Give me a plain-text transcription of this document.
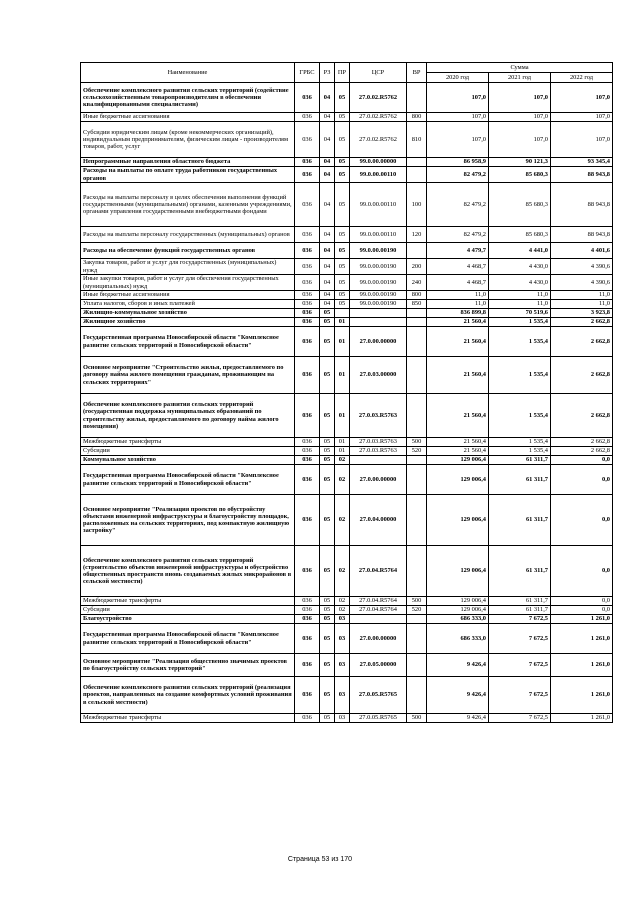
Наименование	ГРБС	РЗ	ПР	ЦСР	ВР	Сумма		
						2020 год	2021 год	2022 год
Обеспечение комплексного развития сельских территорий (содействие сельскохозяйственным товаропроизводителям в обеспечении квалифицированными специалистами)	036	04	05	27.0.02.R5762		107,0	107,0	107,0
Иные бюджетные ассигнования	036	04	05	27.0.02.R5762	800	107,0	107,0	107,0
Субсидии юридическим лицам (кроме некоммерческих организаций), индивидуальным предпринимателям, физическим лицам - производителям товаров, работ, услуг	036	04	05	27.0.02.R5762	810	107,0	107,0	107,0
Непрограммные направления областного бюджета	036	04	05	99.0.00.00000		86 958,9	90 121,3	93 345,4
Расходы на выплаты по оплате труда работников государственных органов	036	04	05	99.0.00.00110		82 479,2	85 680,3	88 943,8
Расходы на выплаты персоналу в целях обеспечения выполнения функций государственными (муниципальными) органами, казенными учреждениями, органами управления государственными внебюджетными фондами	036	04	05	99.0.00.00110	100	82 479,2	85 680,3	88 943,8
Расходы на выплаты персоналу государственных (муниципальных) органов	036	04	05	99.0.00.00110	120	82 479,2	85 680,3	88 943,8
Расходы на обеспечение функций государственных органов	036	04	05	99.0.00.00190		4 479,7	4 441,0	4 401,6
Закупка товаров, работ и услуг для государственных (муниципальных) нужд	036	04	05	99.0.00.00190	200	4 468,7	4 430,0	4 390,6
Иные закупки товаров, работ и услуг для обеспечения государственных (муниципальных) нужд	036	04	05	99.0.00.00190	240	4 468,7	4 430,0	4 390,6
Иные бюджетные ассигнования	036	04	05	99.0.00.00190	800	11,0	11,0	11,0
Уплата налогов, сборов и иных платежей	036	04	05	99.0.00.00190	850	11,0	11,0	11,0
Жилищно-коммунальное хозяйство	036	05				836 899,8	70 519,6	3 923,8
Жилищное хозяйство	036	05	01			21 560,4	1 535,4	2 662,8
Государственная программа Новосибирской области "Комплексное развитие сельских территорий в Новосибирской области"	036	05	01	27.0.00.00000		21 560,4	1 535,4	2 662,8
Основное мероприятие "Строительство жилья, предоставляемого по договору найма жилого помещения гражданам, проживающим на сельских территориях"	036	05	01	27.0.03.00000		21 560,4	1 535,4	2 662,8
Обеспечение комплексного развития сельских территорий (государственная поддержка муниципальных образований по строительству жилья, предоставляемого по договору найма жилого помещения)	036	05	01	27.0.03.R5763		21 560,4	1 535,4	2 662,8
Межбюджетные трансферты	036	05	01	27.0.03.R5763	500	21 560,4	1 535,4	2 662,8
Субсидии	036	05	01	27.0.03.R5763	520	21 560,4	1 535,4	2 662,8
Коммунальное хозяйство	036	05	02			129 006,4	61 311,7	0,0
Государственная программа Новосибирской области "Комплексное развитие сельских территорий в Новосибирской области"	036	05	02	27.0.00.00000		129 006,4	61 311,7	0,0
Основное мероприятие "Реализация проектов по обустройству объектами инженерной инфраструктуры и благоустройству площадок, расположенных на сельских территориях, под компактную жилищную застройку"	036	05	02	27.0.04.00000		129 006,4	61 311,7	0,0
Обеспечение комплексного развития сельских территорий (строительство объектов инженерной инфраструктуры и обустройство общественных пространств вновь создаваемых жилых микрорайонов в сельской местности)	036	05	02	27.0.04.R5764		129 006,4	61 311,7	0,0
Межбюджетные трансферты	036	05	02	27.0.04.R5764	500	129 006,4	61 311,7	0,0
Субсидии	036	05	02	27.0.04.R5764	520	129 006,4	61 311,7	0,0
Благоустройство	036	05	03			686 333,0	7 672,5	1 261,0
Государственная программа Новосибирской области "Комплексное развитие сельских территорий в Новосибирской области"	036	05	03	27.0.00.00000		686 333,0	7 672,5	1 261,0
Основное мероприятие "Реализация общественно значимых проектов по благоустройству сельских территорий"	036	05	03	27.0.05.00000		9 426,4	7 672,5	1 261,0
Обеспечение комплексного развития сельских территорий (реализация проектов, направленных на создание комфортных условий проживания в сельской местности)	036	05	03	27.0.05.R5765		9 426,4	7 672,5	1 261,0
Межбюджетные трансферты	036	05	03	27.0.05.R5765	500	9 426,4	7 672,5	1 261,0
Страница 53 из 170
